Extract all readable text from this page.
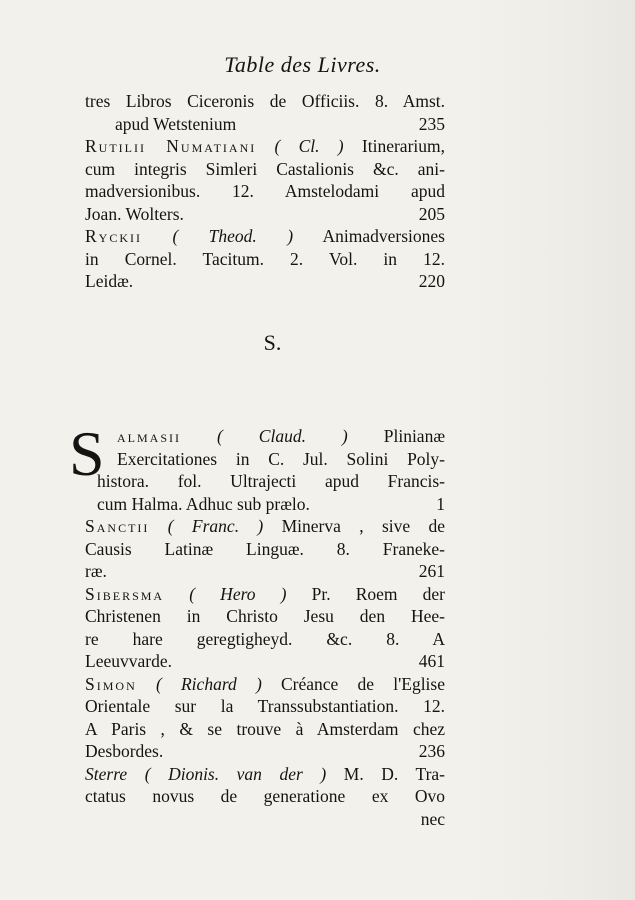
Table des Livres.
tres Libros Ciceronis de Officiis. 8. Amst.
apud Wetstenium	235
Rutilii Numatiani ( Cl. ) Itinerarium,
cum integris Simleri Castalionis &c. ani-
madversionibus. 12. Amstelodami apud
Joan. Wolters.	205
Ryckii ( Theod. ) Animadversiones
in Cornel. Tacitum. 2. Vol. in 12.
Leidæ.	220
S.
S almasii ( Claud. ) Plinianæ
Exercitationes in C. Jul. Solini Poly-
histora. fol. Ultrajecti apud Francis-
cum Halma. Adhuc sub prælo.	1
Sanctii ( Franc. ) Minerva , sive de
Causis Latinæ Linguæ. 8. Franeke-
ræ.	261
Sibersma ( Hero ) Pr. Roem der
Christenen in Christo Jesu den Hee-
re hare geregtigheyd. &c. 8. A
Leeuvvarde.	461
Simon ( Richard ) Créance de l'Eglise
Orientale sur la Transsubstantiation. 12.
A Paris , & se trouve à Amsterdam chez
Desbordes.	236
Sterre ( Dionis. van der ) M. D. Tra-
ctatus novus de generatione ex Ovo
nec
